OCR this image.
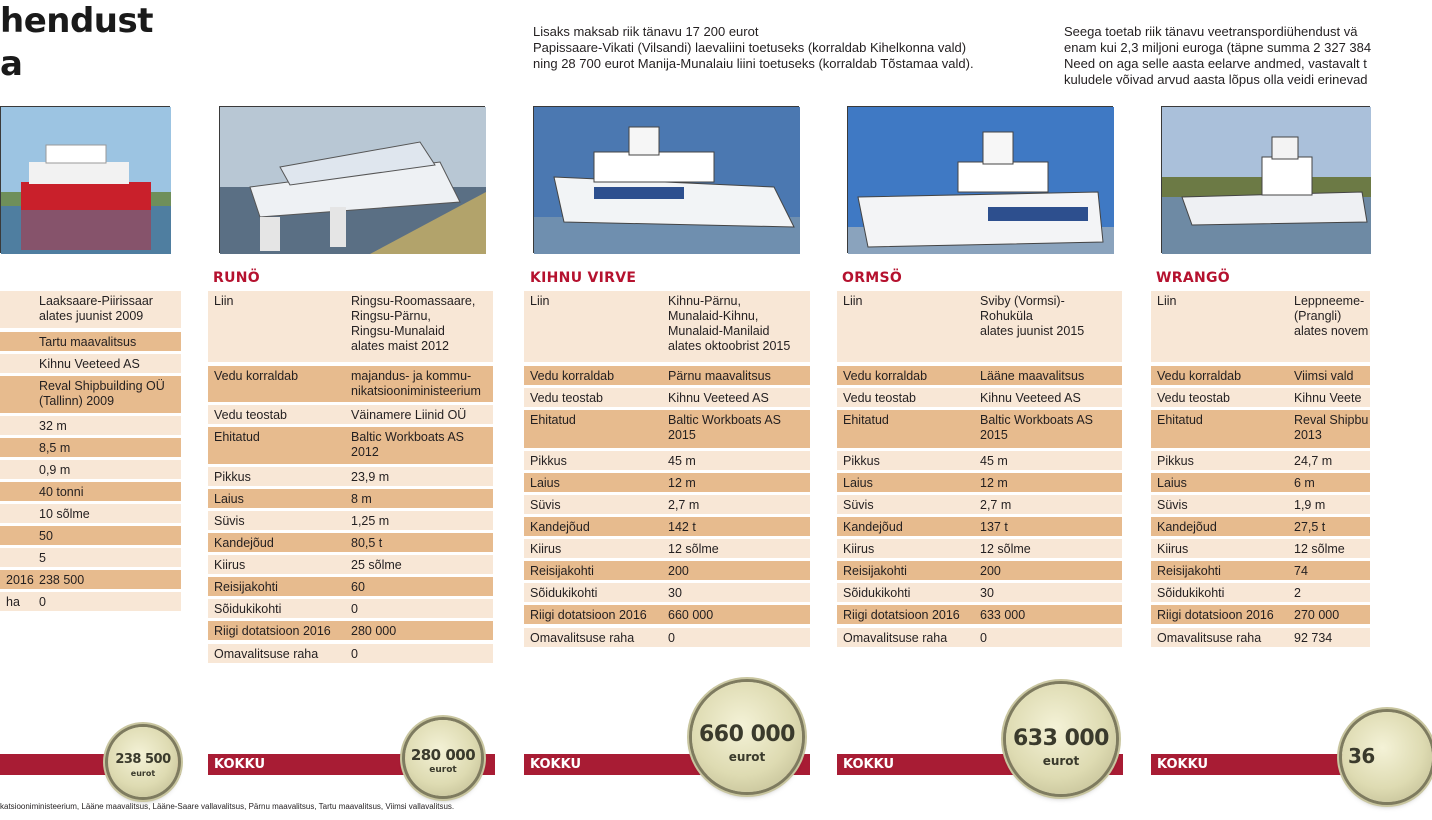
hendust
a
Lisaks maksab riik tänavu 17 200 eurot
Papissaare-Vikati (Vilsandi) laevaliini toetuseks (korraldab Kihelkonna vald)
ning 28 700 eurot Manija-Munalaiu liini toetuseks (korraldab Tõstamaa vald).
Seega toetab riik tänavu veetranspordiühendust vä
enam kui 2,3 miljoni euroga (täpne summa 2 327 384
Need on aga selle aasta eelarve andmed, vastavalt t
kuludele võivad arvud aasta lõpus olla veidi erinevad
RUNÖ	KIHNU VIRVE	ORMSÖ	WRANGÖ
Laaksaare-Piirissaar
alates juunist 2009
Tartu maavalitsus
Kihnu Veeteed AS
Reval Shipbuilding OÜ
(Tallinn) 2009
32 m
8,5 m
0,9 m
40 tonni
10 sõlme
50
5
2016 238 500
ha 0
Liin	Ringsu-Roomassaare,
Ringsu-Pärnu,
Ringsu-Munalaid
alates maist 2012
Vedu korraldab	majandus- ja kommu-
nikatsiooniministeerium
Vedu teostab	Väinamere Liinid OÜ
Ehitatud	Baltic Workboats AS
2012
Pikkus	23,9 m
Laius	8 m
Süvis	1,25 m
Kandejõud	80,5 t
Kiirus	25 sõlme
Reisijakohti	60
Sõidukikohti	0
Riigi dotatsioon 2016 280 000
Omavalitsuse raha	0
Liin	Kihnu-Pärnu,
Munalaid-Kihnu,
Munalaid-Manilaid
alates oktoobrist 2015
Vedu korraldab	Pärnu maavalitsus
Vedu teostab	Kihnu Veeteed AS
Ehitatud	Baltic Workboats AS
2015
Pikkus	45 m
Laius	12 m
Süvis	2,7 m
Kandejõud	142 t
Kiirus	12 sõlme
Reisijakohti	200
Sõidukikohti	30
Riigi dotatsioon 2016 660 000
Omavalitsuse raha	0
Liin	Sviby (Vormsi)-
Rohuküla
alates juunist 2015
Vedu korraldab	Lääne maavalitsus
Vedu teostab	Kihnu Veeteed AS
Ehitatud	Baltic Workboats AS
2015
Pikkus	45 m
Laius	12 m
Süvis	2,7 m
Kandejõud	137 t
Kiirus	12 sõlme
Reisijakohti	200
Sõidukikohti	30
Riigi dotatsioon 2016 633 000
Omavalitsuse raha	0
Liin	Leppneeme-
(Prangli)
alates novem
Vedu korraldab	Viimsi vald
Vedu teostab	Kihnu Veete
Ehitatud	Reval Shipbu
2013
Pikkus	24,7 m
Laius	6 m
Süvis	1,9 m
Kandejõud	27,5 t
Kiirus	12 sõlme
Reisijakohti	74
Sõidukikohti	2
Riigi dotatsioon 2016 270 000
Omavalitsuse raha	92 734
KOKKU	KOKKU	KOKKU	KOKKU
238 500
eurot
280 000
eurot
660 000
eurot
633 000
eurot	36
katsiooniministeerium, Lääne maavalitsus, Lääne-Saare vallavalitsus, Pärnu maavalitsus, Tartu maavalitsus, Viimsi vallavalitsus.
